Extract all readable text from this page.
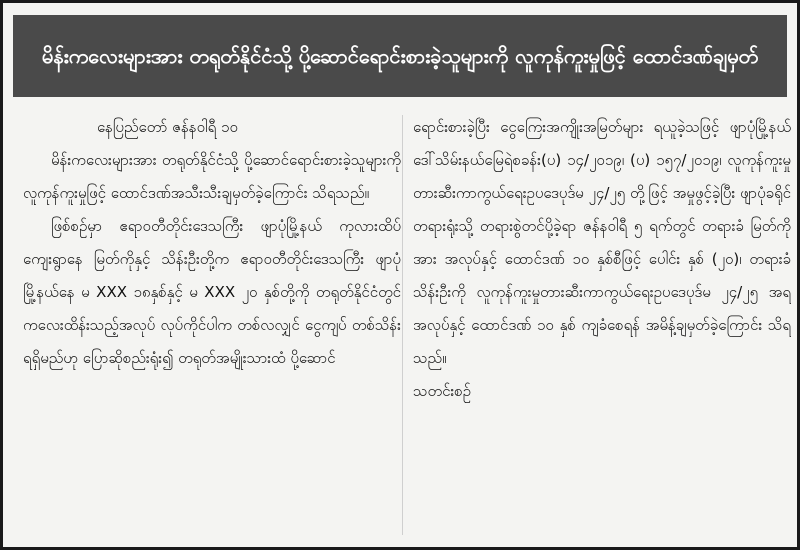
မိန်းကလေးများအား တရုတ်နိုင်ငံသို့ ပို့ဆောင်ရောင်းစားခဲ့သူများကို လူကုန်ကူးမှုဖြင့် ထောင်ဒဏ်ချမှတ်

နေပြည်တော် ဇန်နဝါရီ ၁၀

မိန်းကလေးများအား တရုတ်နိုင်ငံသို့ ပို့ဆောင်ရောင်းစားခဲ့သူများကို လူကုန်ကူးမှုဖြင့် ထောင်ဒဏ်အသီးသီးချမှတ်ခဲ့ကြောင်း သိရသည်။

ဖြစ်စဉ်မှာ ဧရာဝတီတိုင်းဒေသကြီး ဖျာပုံမြို့နယ် ကုလားထိပ်ကျေးရွာနေ မြတ်ကိုနှင့် သိန်းဦးတို့က ဧရာဝတီတိုင်းဒေသကြီး ဖျာပုံမြို့နယ်နေ မ XXX ၁၈နှစ်နှင့် မ XXX ၂၀ နှစ်တို့ကို တရုတ်နိုင်ငံတွင် ကလေးထိန်းသည့်အလုပ် လုပ်ကိုင်ပါက တစ်လလျှင် ငွေကျပ် တစ်သိန်းရရှိမည်ဟု ပြောဆိုစည်းရုံး၍ တရုတ်အမျိုးသားထံ ပို့ဆောင်

ရောင်းစားခဲ့ပြီး ငွေကြေးအကျိုးအမြတ်များ ရယူခဲ့သဖြင့် ဖျာပုံမြို့နယ် ဒေါ်သိမ်းနယ်မြေရဲစခန်း(ပ) ၁၄/၂၀၁၉၊ (ပ) ၁၅၇/၂၀၁၉၊ လူကုန်ကူးမှုတားဆီးကာကွယ်ရေးဥပဒေပုဒ်မ ၂၄/၂၅ တို့ဖြင့် အမှုဖွင့်ခဲ့ပြီး ဖျာပုံခရိုင်တရားရုံးသို့ တရားစွဲတင်ပို့ခဲ့ရာ ဇန်နဝါရီ ၅ ရက်တွင် တရားခံ မြတ်ကိုအား အလုပ်နှင့် ထောင်ဒဏ် ၁၀ နှစ်စီဖြင့် ပေါင်း နှစ် (၂၀)၊ တရားခံ သိန်းဦးကို လူကုန်ကူးမှုတားဆီးကာကွယ်ရေးဥပဒေပုဒ်မ ၂၄/၂၅ အရ အလုပ်နှင့် ထောင်ဒဏ် ၁၀ နှစ် ကျခံစေရန် အမိန့်ချမှတ်ခဲ့ကြောင်း သိရသည်။

သတင်းစဉ်
